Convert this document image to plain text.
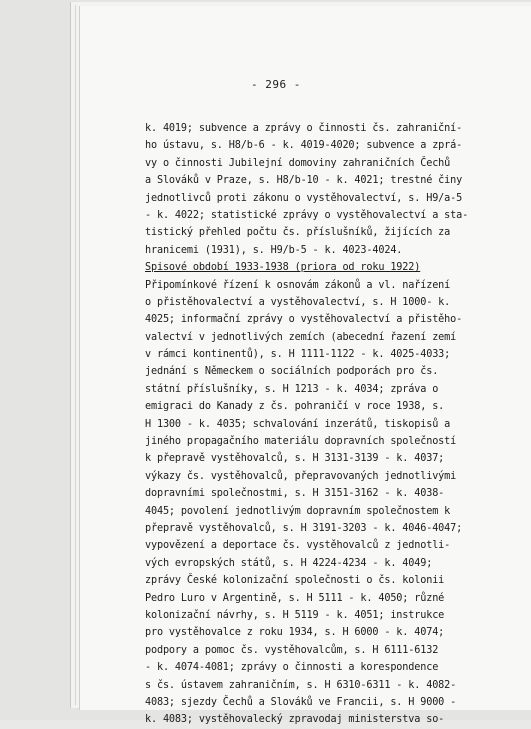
- 296 -
k. 4019; subvence a zprávy o činnosti čs. zahraniční-
ho ústavu, s. H8/b-6 - k. 4019-4020; subvence a zprá-
vy o činnosti Jubilejní domoviny zahraničních Čechů
a Slováků v Praze, s. H8/b-10 - k. 4021; trestné činy
jednotlivců proti zákonu o vystěhovalectví, s. H9/a-5
- k. 4022; statistické zprávy o vystěhovalectví a sta-
tistický přehled počtu čs. příslušníků, žijících za
hranicemi (1931), s. H9/b-5 - k. 4023-4024.
Spisové období 1933-1938 (priora od roku 1922)
Připomínkové řízení k osnovám zákonů a vl. nařízení
o přistěhovalectví a vystěhovalectví, s. H 1000- k.
4025; informační zprávy o vystěhovalectví a přistěho-
valectví v jednotlivých zemích (abecední řazení zemí
v rámci kontinentů), s. H 1111-1122 - k. 4025-4033;
jednání s Německem o sociálních podporách pro čs.
státní příslušníky, s. H 1213 - k. 4034; zpráva o
emigraci do Kanady z čs. pohraničí v roce 1938, s.
H 1300 - k. 4035; schvalování inzerátů, tiskopisů a
jiného propagačního materiálu dopravních společností
k přepravě vystěhovalců, s. H 3131-3139 - k. 4037;
výkazy čs. vystěhovalců, přepravovaných jednotlivými
dopravními společnostmi, s. H 3151-3162 - k. 4038-
4045; povolení jednotlivým dopravním společnostem k
přepravě vystěhovalců, s. H 3191-3203 - k. 4046-4047;
vypovězení a deportace čs. vystěhovalců z jednotli-
vých evropských států, s. H 4224-4234 - k. 4049;
zprávy České kolonizační společnosti o čs. kolonii
Pedro Luro v Argentině, s. H 5111 - k. 4050; různé
kolonizační návrhy, s. H 5119 - k. 4051; instrukce
pro vystěhovalce z roku 1934, s. H 6000 - k. 4074;
podpory a pomoc čs. vystěhovalcům, s. H 6111-6132
- k. 4074-4081; zprávy o činnosti a korespondence
s čs. ústavem zahraničním, s. H 6310-6311 - k. 4082-
4083; sjezdy Čechů a Slováků ve Francii, s. H 9000 -
k. 4083; vystěhovalecký zpravodaj ministerstva so-
